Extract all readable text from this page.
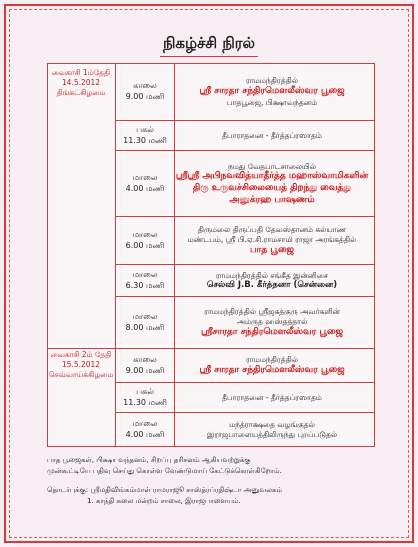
நிகழ்ச்சி நிரல்
வைகாசி 1ம்தேதி
14.5.2012
திங்கட்கிழமை
வைகாசி 2ம் தேதி
15.5.2012
செவ்வாய்க்கிழமை
காலை
9.00 மணி
ராமமந்திரத்தில்
ஸ்ரீ சாரதா சந்திரமௌலீஸ்வர பூஜை
பாதபூஜை, பிக்ஷாவந்தனம்
பகல்
11.30 மணி
தீபாராதனை - தீர்த்தப்ரஸாதம்
மாலை
4.00 மணி
நமது வேதபாடசாலையில்
ஸ்ரீஸ்ரீ அபிநவவித்யாதீர்த்த மஹாஸ்வாமிகளின்
திரு உருவச்சிலையைத் திறந்து வைத்து
அனுக்ரஹ பாஷணம்
மாலை
6.00 மணி
திருமலை திருப்பதி தேவஸ்தானம் கல்யாண
மண்டபம், ஸ்ரீ பி.ஏ.சி.ராமசாமி ராஜா அரங்கத்தில்
பாத பூஜை
மாலை
6.30 மணி
ராமமந்திரத்தில் சங்கீத இன்னிசை
செல்வி J.B. கீர்த்தனா (சென்னை)
மாலை
8.00 மணி
ராமமந்திரத்தில் ஸ்ரீஜகத்குரு அவர்களின்
அம்ருத ஹஸ்தத்தால்
ஸ்ரீசாரதா சந்திரமௌலீஸ்வர பூஜை
காலை
9.00 மணி
ராமமந்திரத்தில்
ஸ்ரீ சாரதா சந்திரமௌலீஸ்வர பூஜை
பகல்
11.30 மணி
தீபாராதனை - தீர்த்தப்ரஸாதம்
மாலை
4.00 மணி
மந்த்ராக்ஷதை வழங்குதல்
இராஜபாளையத்திலிருந்து புறப்படுதல்
பாத பூஜைகள், பிக்ஷா வந்தனம், சிறப்பு தரிசனம் ஆகியவற்றுக்கு
முன்கூட்டியே பதிவு செய்து கொள்ள வேண்டுமாய் கேட்டுக்கொள்கிறோம்.
தொடர்புக்கு: ஸ்ரீமதிவிங்கம்மாள் ராமராஜூ சாஸ்த்ரப்ரதிஷ்டா அனுவலகம்
1. காந்தி கலை மன்றம் சாலை, இராஜபாளையம்.
